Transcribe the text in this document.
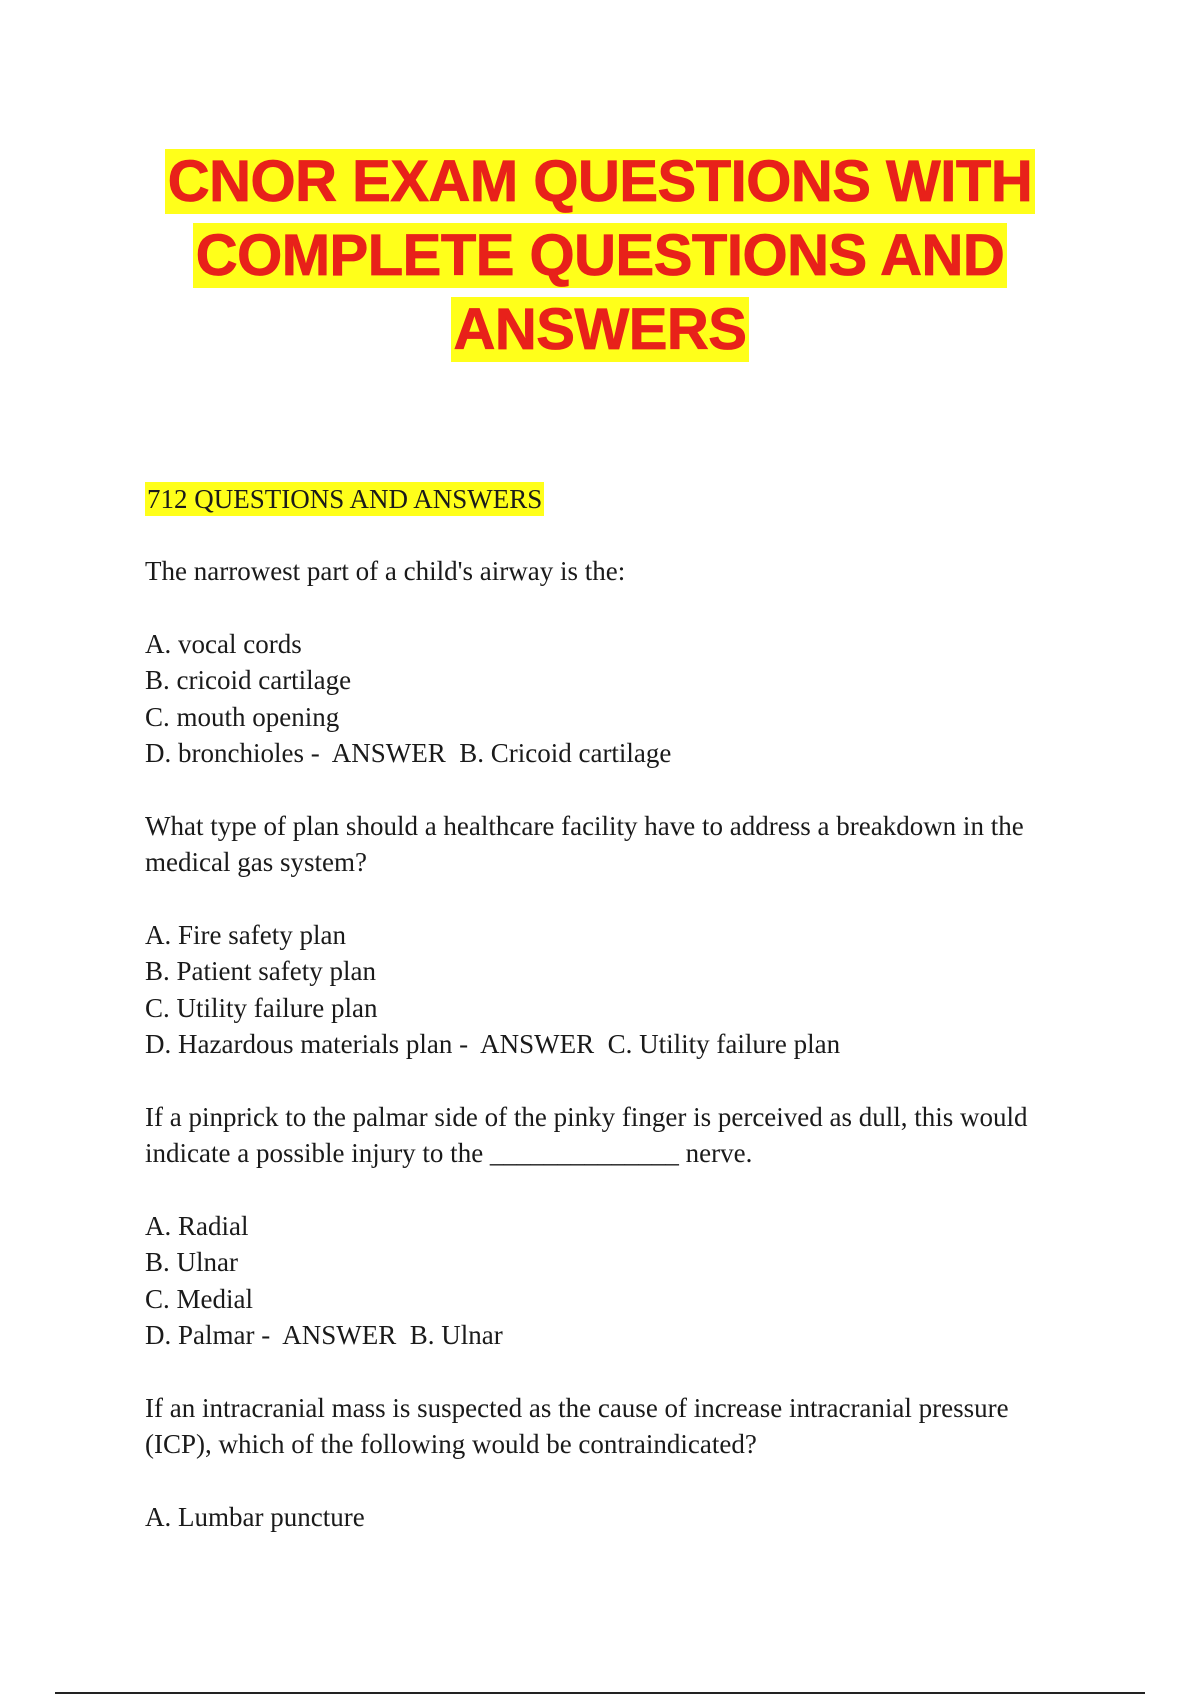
CNOR EXAM QUESTIONS WITH
COMPLETE QUESTIONS AND
ANSWERS
712 QUESTIONS AND ANSWERS
The narrowest part of a child's airway is the:
A. vocal cords
B. cricoid cartilage
C. mouth opening
D. bronchioles -  ANSWER  B. Cricoid cartilage
What type of plan should a healthcare facility have to address a breakdown in the medical gas system?
A. Fire safety plan
B. Patient safety plan
C. Utility failure plan
D. Hazardous materials plan -  ANSWER  C. Utility failure plan
If a pinprick to the palmar side of the pinky finger is perceived as dull, this would indicate a possible injury to the ______________ nerve.
A. Radial
B. Ulnar
C. Medial
D. Palmar -  ANSWER  B. Ulnar
If an intracranial mass is suspected as the cause of increase intracranial pressure (ICP), which of the following would be contraindicated?
A. Lumbar puncture
